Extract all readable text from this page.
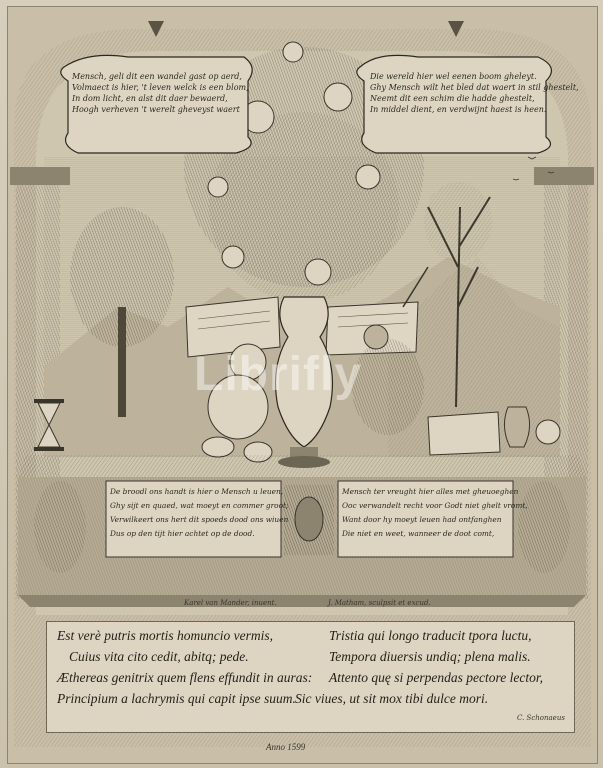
Mensch, geli dit een wandel gast op aerd,
Volmaect is hier, 't leven welck is een blom,
In dom licht, en alst dit daer bewaerd,
Hoogh verheven 't werelt gheveyst waert
Die wereld hier wel eenen boom gheleyt.
Ghy Mensch wilt het bled dat waert in stil ghestelt,
Neemt dit een schim die hadde ghestelt,
In middel dient, en verdwijnt haest is heen.
De broodl ons handt is hier o Mensch u leuen,
Ghy sijt en quaed, wat moeyt en commer groot;
Verwilkeert ons hert dit spoeds dood ons wiuen
Dus op den tijt hier achtet op de dood.
Mensch ter vreught hier alles met gheuoeghen
Ooc verwandelt recht voor Godt niet ghelt vromt,
Want door hy moeyt leuen had ontfanghen
Die niet en weet, wanneer de doot comt,
Karel van Mander, inuent.	J. Matham, sculpsit et excud.
Est verè putris mortis homuncio vermis,
Cuius vita cito cedit, abitq; pede.
Æthereas genitrix quem flens effundit in auras:
Principium a lachrymis qui capit ipse suum.
Tristia qui longo traducit tpora luctu,
Tempora diuersis undiq; plena malis.
Attento quę si perpendas pectore lector,
Sic viues, ut sit mox tibi dulce mori.
C. Schonaeus
Anno 1599
Librifly
